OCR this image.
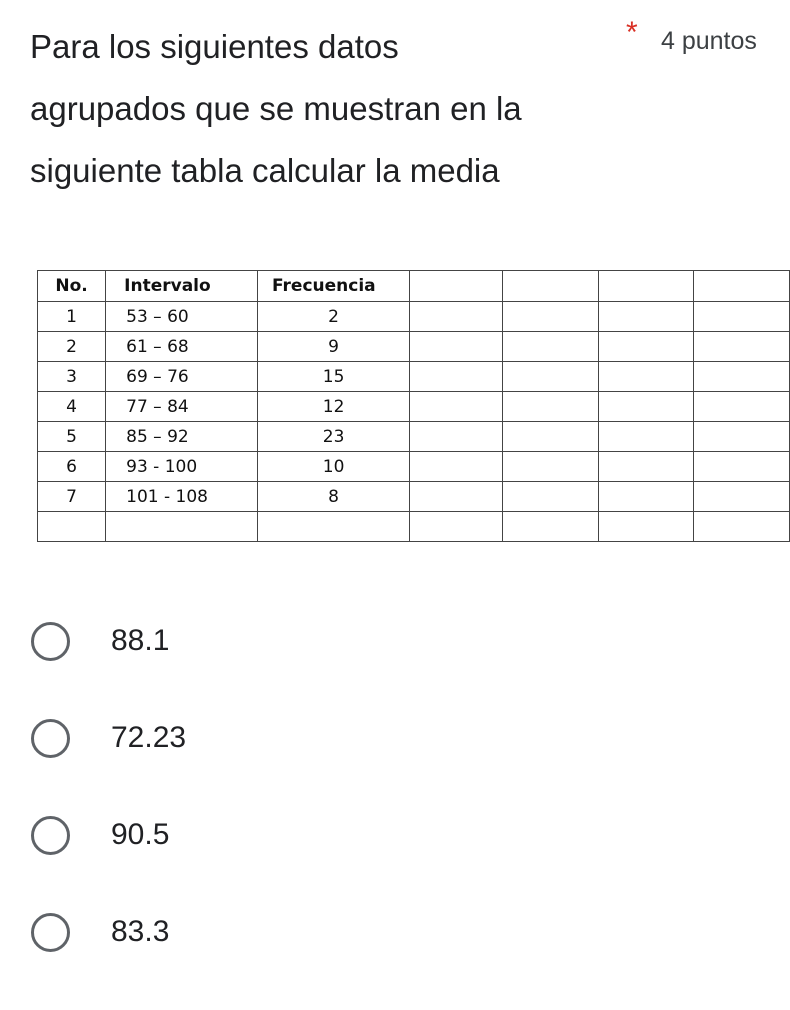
Para los siguientes datos
agrupados que se muestran en la
siguiente tabla calcular la media
* 4 puntos
No.	Intervalo	Frecuencia				
1	53 – 60	2				
2	61 – 68	9				
3	69 – 76	15				
4	77 – 84	12				
5	85 – 92	23				
6	93 - 100	10				
7	101 - 108	8				

88.1
72.23
90.5
83.3
